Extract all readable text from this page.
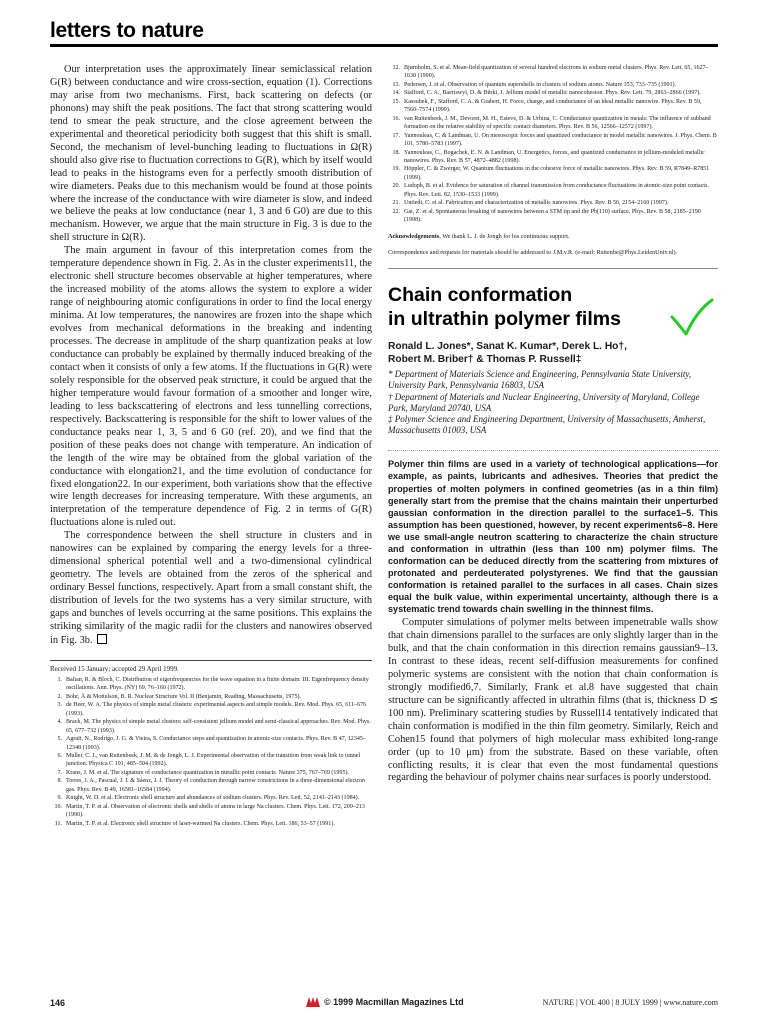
letters to nature

Our interpretation uses the approximately linear semiclassical relation G(R) between conductance and wire cross-section, equation (1). Corrections may arise from two mechanisms. First, back scattering on defects (or phonons) may shift the peak positions. The fact that strong scattering would tend to smear the peak structure, and the close agreement between the experimental and theoretical periodicity both suggest that this shift is small. Second, the mechanism of level-bunching leading to fluctuations in Ω(R) should also give rise to fluctuation corrections to G(R), which by itself would lead to peaks in the histograms even for a perfectly smooth distribution of wire diameters. Peaks due to this mechanism would be found at those points where the increase of the conductance with wire diameter is slow, and indeed we believe the peaks at low conductance (near 1, 3 and 6 G0) are due to this mechanism. However, we argue that the main structure in Fig. 3 is due to the shell structure in Ω(R).

The main argument in favour of this interpretation comes from the temperature dependence shown in Fig. 2. As in the cluster experiments11, the electronic shell structure becomes observable at higher temperatures, where the increased mobility of the atoms allows the system to explore a wider range of neighbouring atomic configurations in order to find the local energy minima. At low temperatures, the nanowires are frozen into the shape which evolves from mechanical deformations in the breaking and indenting processes. The decrease in amplitude of the sharp quantization peaks at low conductance can probably be explained by thermally induced breaking of the contact when it consists of only a few atoms. If the fluctuations in G(R) were solely responsible for the observed peak structure, it could be argued that the higher temperature would favour formation of a smoother and longer wire, leading to less backscattering of electrons and less tunnelling corrections, respectively. Backscattering is responsible for the shift to lower values of the conductance peaks near 1, 3, 5 and 6 G0 (ref. 20), and we find that the position of these peaks does not change with temperature. An indication of the length of the wire may be obtained from the global variation of the conductance with elongation21, and the time evolution of conductance for fixed elongation22. In our experiment, both variations show that the effective wire length decreases for increasing temperature. With these arguments, an interpretation of the temperature dependence of Fig. 2 in terms of G(R) fluctuations alone is ruled out.

The correspondence between the shell structure in clusters and in nanowires can be explained by comparing the energy levels for a three-dimensional spherical potential well and a two-dimensional cylindrical geometry. The levels are obtained from the zeros of the spherical and ordinary Bessel functions, respectively. Apart from a small constant shift, the distribution of levels for the two systems has a very similar structure, with gaps and bunches of levels occurring at the same positions. This explains the striking similarity of the magic radii for the clusters and nanowires observed in Fig. 3b.

Received 15 January; accepted 29 April 1999.
1. Balian, R. & Bloch, C. Distribution of eigenfrequencies for the wave equation in a finite domain: III. Eigenfrequency density oscillations. Ann. Phys. (NY) 69, 76–160 (1972).
2. Bohr, Å & Mottelson, B. R. Nuclear Structure Vol. II (Benjamin, Reading, Massachusetts, 1975).
3. de Heer, W. A. The physics of simple metal clusters: experimental aspects and simple models. Rev. Mod. Phys. 65, 611–676 (1993).
4. Brack, M. The physics of simple metal clusters: self-consistent jellium model and semi-classical approaches. Rev. Mod. Phys. 65, 677–732 (1993).
5. Agraït, N., Rodrigo, J. G. & Vieira, S. Conductance steps and quantization in atomic-size contacts. Phys. Rev. B 47, 12345–12348 (1993).
6. Muller, C. J., van Ruitenbeek, J. M. & de Jongh, L. J. Experimental observation of the transition from weak link to tunnel junction. Physica C 191, 485–504 (1992).
7. Krans, J. M. et al. The signature of conductance quantization in metallic point contacts. Nature 375, 767–769 (1995).
8. Torres, J. A., Pascual, J. I. & Sáenz, J. J. Theory of conduction through narrow constrictions in a three-dimensional electron gas. Phys. Rev. B 49, 16581–16584 (1994).
9. Knight, W. D. et al. Electronic shell structure and abundances of sodium clusters. Phys. Rev. Lett. 52, 2141–2143 (1984).
10. Martin, T. P. et al. Observation of electronic shells and shells of atoms in large Na clusters. Chem. Phys. Lett. 172, 209–213 (1990).
11. Martin, T. P. et al. Electronic shell structure of laser-warmed Na clusters. Chem. Phys. Lett. 186, 53–57 (1991).
12. Bjørnholm, S. et al. Mean-field quantization of several hundred electrons in sodium metal clusters. Phys. Rev. Lett. 65, 1627–1630 (1990).
13. Pedersen, J. et al. Observation of quantum supershells in clusters of sodium atoms. Nature 353, 733–735 (1991).
14. Stafford, C. A., Baeriswyl, D. & Bürki, J. Jellium model of metallic nanocohesion. Phys. Rev. Lett. 79, 2863–2866 (1997).
15. Kassubek, F., Stafford, C. A. & Grabert, H. Force, charge, and conductance of an ideal metallic nanowire. Phys. Rev. B 59, 7560–7574 (1999).
16. van Ruitenbeek, J. M., Devoret, M. H., Esteve, D. & Urbina, C. Conductance quantization in metals: The influence of subband formation on the relative stability of specific contact diameters. Phys. Rev. B 56, 12566–12572 (1997).
17. Yannouleas, C. & Landman, U. On mesoscopic forces and quantized conductance in model metallic nanowires. J. Phys. Chem. B 101, 5780–5783 (1997).
18. Yannouleas, C., Bogachek, E. N. & Landman, U. Energetics, forces, and quantized conductance in jellium-modeled metallic nanowires. Phys. Rev. B 57, 4872–4882 (1998).
19. Höppler, C. & Zwerger, W. Quantum fluctuations in the cohesive force of metallic nanowires. Phys. Rev. B 59, R7849–R7851 (1999).
20. Ludoph, B. et al. Evidence for saturation of channel transmission from conductance fluctuations in atomic-size point contacts. Phys. Rev. Lett. 82, 1530–1533 (1999).
21. Untiedt, C. et al. Fabrication and characterization of metallic nanowires. Phys. Rev. B 56, 2154–2160 (1997).
22. Gai, Z. et al. Spontaneous breaking of nanowires between a STM tip and the Pb(110) surface. Phys. Rev. B 58, 2185–2190 (1998).
Acknowledgements. We thank L. J. de Jongh for his continuous support.
Correspondence and requests for materials should be addressed to J.M.v.R. (e-mail: Ruitenbe@Phys.LeidenUniv.nl).
Chain conformation
in ultrathin polymer films
Ronald L. Jones*, Sanat K. Kumar*, Derek L. Ho†,
Robert M. Briber† & Thomas P. Russell‡

* Department of Materials Science and Engineering, Pennsylvania State University, University Park, Pennsylvania 16803, USA

† Department of Materials and Nuclear Engineering, University of Maryland, College Park, Maryland 20740, USA

‡ Polymer Science and Engineering Department, University of Massachusetts, Amherst, Massachusetts 01003, USA

Polymer thin films are used in a variety of technological applications—for example, as paints, lubricants and adhesives. Theories that predict the properties of molten polymers in confined geometries (as in a thin film) generally start from the premise that the chains maintain their unperturbed gaussian conformation in the direction parallel to the surface1–5. This assumption has been questioned, however, by recent experiments6–8. Here we use small-angle neutron scattering to characterize the chain structure and conformation in ultrathin (less than 100 nm) polymer films. The conformation can be deduced directly from the scattering from mixtures of protonated and perdeuterated polystyrenes. We find that the gaussian conformation is retained parallel to the surfaces in all cases. Chain sizes equal the bulk value, within experimental uncertainty, although there is a systematic trend towards chain swelling in the thinnest films.

Computer simulations of polymer melts between impenetrable walls show that chain dimensions parallel to the surfaces are only slightly larger than in the bulk, and that the chain conformation in this direction remains gaussian9–13. In contrast to these ideas, recent self-diffusion measurements for confined polymeric systems are consistent with the notion that chain conformation is strongly modified6,7. Similarly, Frank et al.8 have suggested that chain structure can be significantly affected in ultrathin films (that is, thickness D ≲ 100 nm). Preliminary scattering studies by Russell14 tentatively indicated that chain conformation is modified in the thin film geometry. Similarly, Reich and Cohen15 found that polymers of high molecular mass exhibited long-range order (up to 10 μm) from the substrate. Based on these variable, often conflicting results, it is clear that even the most fundamental questions regarding the behaviour of polymer chains near surfaces is poorly understood.

146	© 1999 Macmillan Magazines Ltd	NATURE | VOL 400 | 8 JULY 1999 | www.nature.com
